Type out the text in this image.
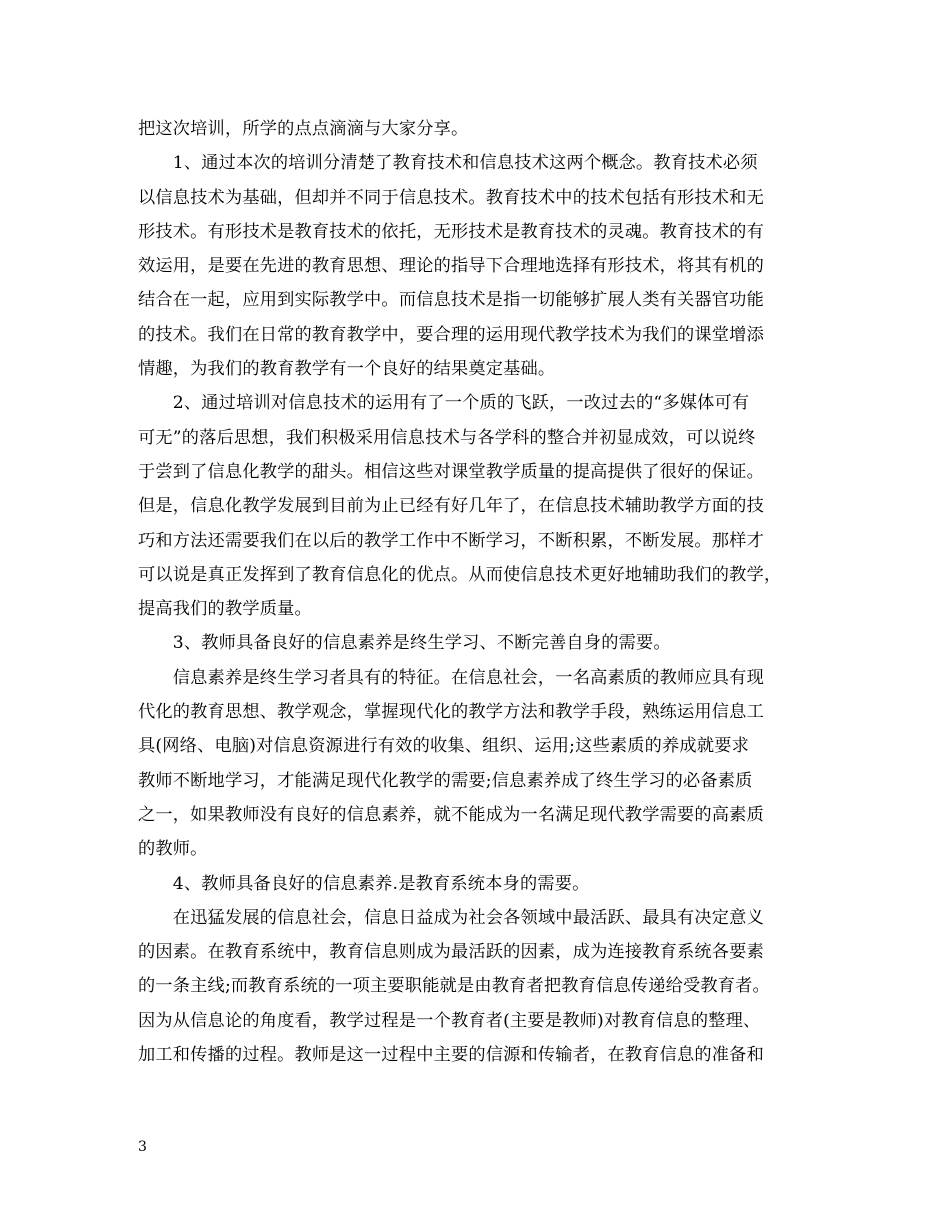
把这次培训，所学的点点滴滴与大家分享。
　　1、通过本次的培训分清楚了教育技术和信息技术这两个概念。教育技术必须
以信息技术为基础，但却并不同于信息技术。教育技术中的技术包括有形技术和无
形技术。有形技术是教育技术的依托，无形技术是教育技术的灵魂。教育技术的有
效运用，是要在先进的教育思想、理论的指导下合理地选择有形技术，将其有机的
结合在一起，应用到实际教学中。而信息技术是指一切能够扩展人类有关器官功能
的技术。我们在日常的教育教学中，要合理的运用现代教学技术为我们的课堂增添
情趣，为我们的教育教学有一个良好的结果奠定基础。
　　2、通过培训对信息技术的运用有了一个质的飞跃，一改过去的“多媒体可有
可无”的落后思想，我们积极采用信息技术与各学科的整合并初显成效，可以说终
于尝到了信息化教学的甜头。相信这些对课堂教学质量的提高提供了很好的保证。
但是，信息化教学发展到目前为止已经有好几年了，在信息技术辅助教学方面的技
巧和方法还需要我们在以后的教学工作中不断学习，不断积累，不断发展。那样才
可以说是真正发挥到了教育信息化的优点。从而使信息技术更好地辅助我们的教学，
提高我们的教学质量。
　　3、教师具备良好的信息素养是终生学习、不断完善自身的需要。
　　信息素养是终生学习者具有的特征。在信息社会，一名高素质的教师应具有现
代化的教育思想、教学观念，掌握现代化的教学方法和教学手段，熟练运用信息工
具(网络、电脑)对信息资源进行有效的收集、组织、运用;这些素质的养成就要求
教师不断地学习，才能满足现代化教学的需要;信息素养成了终生学习的必备素质
之一，如果教师没有良好的信息素养，就不能成为一名满足现代教学需要的高素质
的教师。
　　4、教师具备良好的信息素养.是教育系统本身的需要。
　　在迅猛发展的信息社会，信息日益成为社会各领域中最活跃、最具有决定意义
的因素。在教育系统中，教育信息则成为最活跃的因素，成为连接教育系统各要素
的一条主线;而教育系统的一项主要职能就是由教育者把教育信息传递给受教育者。
因为从信息论的角度看，教学过程是一个教育者(主要是教师)对教育信息的整理、
加工和传播的过程。教师是这一过程中主要的信源和传输者，在教育信息的准备和
3
